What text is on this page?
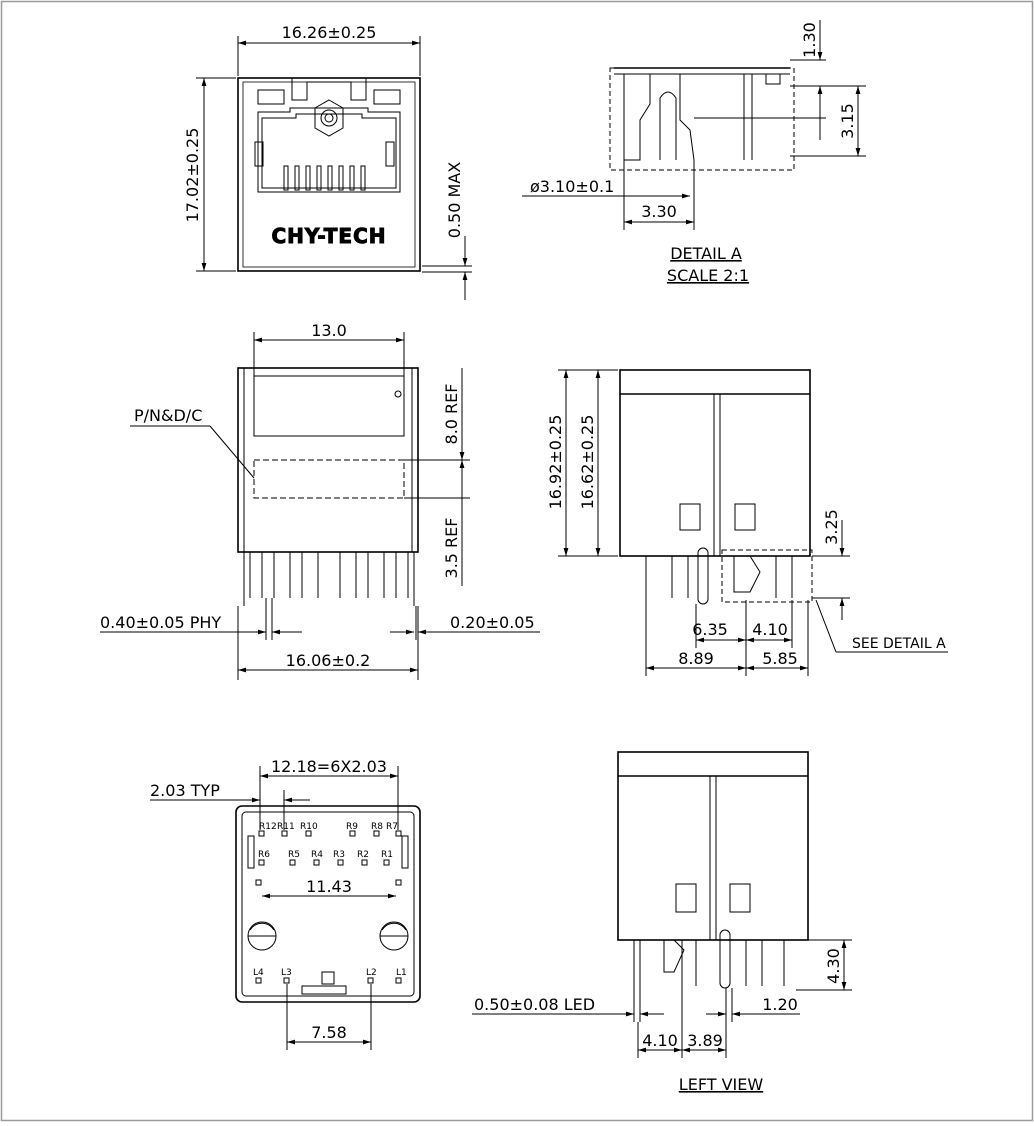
CHY-TECH
16.26±0.25
17.02±0.25	0.50 MAX
1.30
3.15
ø3.10±0.1
3.30
DETAIL A
SCALE 2:1
13.0
P/N&D/C	8.0 REF
3.5 REF
0.40±0.05 PHY	0.20±0.05
16.06±0.2
16.92±0.25 16.62±0.25
3.25
6.35 4.10
8.89	5.85
SEE DETAIL A
R12 R11 R10	R9 R8 R7
R6 R5 R4 R3 R2 R1
L4 L3	L2 L1
12.18=6X2.03
2.03 TYP
11.43
7.58
4.30
0.50±0.08 LED	1.20
4.10 3.89
LEFT VIEW
